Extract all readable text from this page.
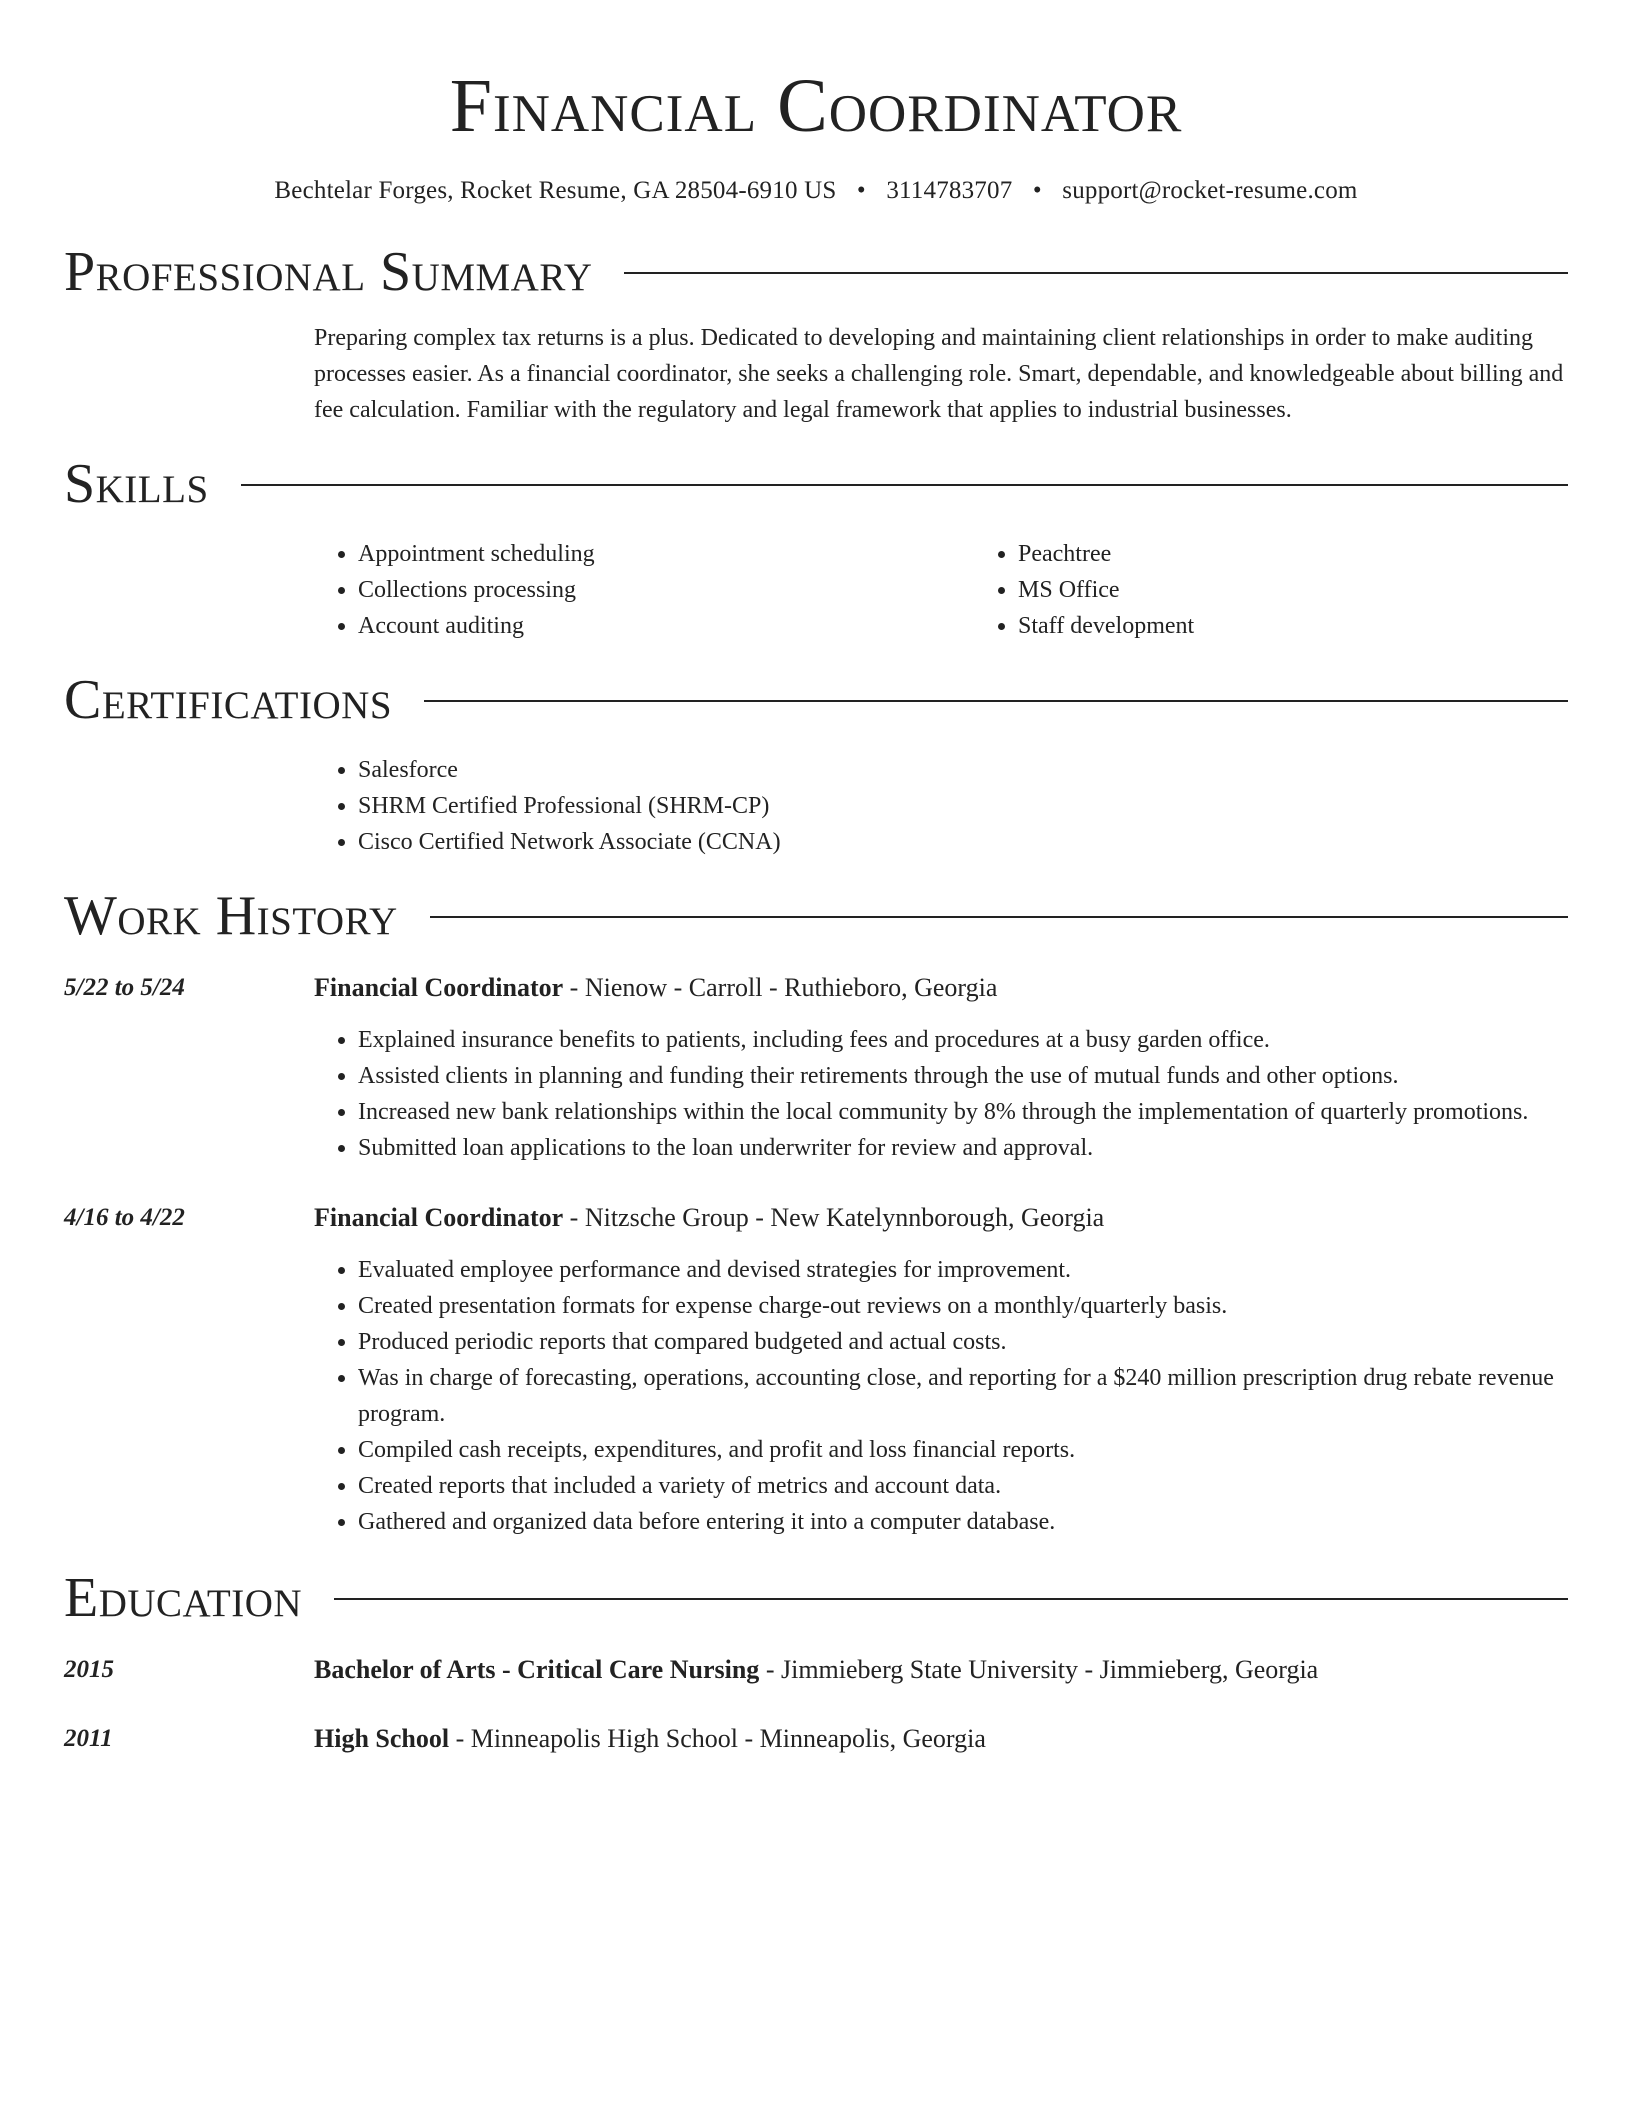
Financial Coordinator
Bechtelar Forges, Rocket Resume, GA 28504-6910 US • 3114783707 • support@rocket-resume.com
Professional Summary
Preparing complex tax returns is a plus. Dedicated to developing and maintaining client relationships in order to make auditing processes easier. As a financial coordinator, she seeks a challenging role. Smart, dependable, and knowledgeable about billing and fee calculation. Familiar with the regulatory and legal framework that applies to industrial businesses.
Skills
• Appointment scheduling
• Collections processing
• Account auditing
• Peachtree
• MS Office
• Staff development
Certifications
• Salesforce
• SHRM Certified Professional (SHRM-CP)
• Cisco Certified Network Associate (CCNA)
Work History
5/22 to 5/24	Financial Coordinator - Nienow - Carroll - Ruthieboro, Georgia
• Explained insurance benefits to patients, including fees and procedures at a busy garden office.
• Assisted clients in planning and funding their retirements through the use of mutual funds and other options.
• Increased new bank relationships within the local community by 8% through the implementation of quarterly promotions.
• Submitted loan applications to the loan underwriter for review and approval.
4/16 to 4/22	Financial Coordinator - Nitzsche Group - New Katelynnborough, Georgia
• Evaluated employee performance and devised strategies for improvement.
• Created presentation formats for expense charge-out reviews on a monthly/quarterly basis.
• Produced periodic reports that compared budgeted and actual costs.
• Was in charge of forecasting, operations, accounting close, and reporting for a $240 million prescription drug rebate revenue program.
• Compiled cash receipts, expenditures, and profit and loss financial reports.
• Created reports that included a variety of metrics and account data.
• Gathered and organized data before entering it into a computer database.
Education
2015	Bachelor of Arts - Critical Care Nursing - Jimmieberg State University - Jimmieberg, Georgia
2011	High School - Minneapolis High School - Minneapolis, Georgia
